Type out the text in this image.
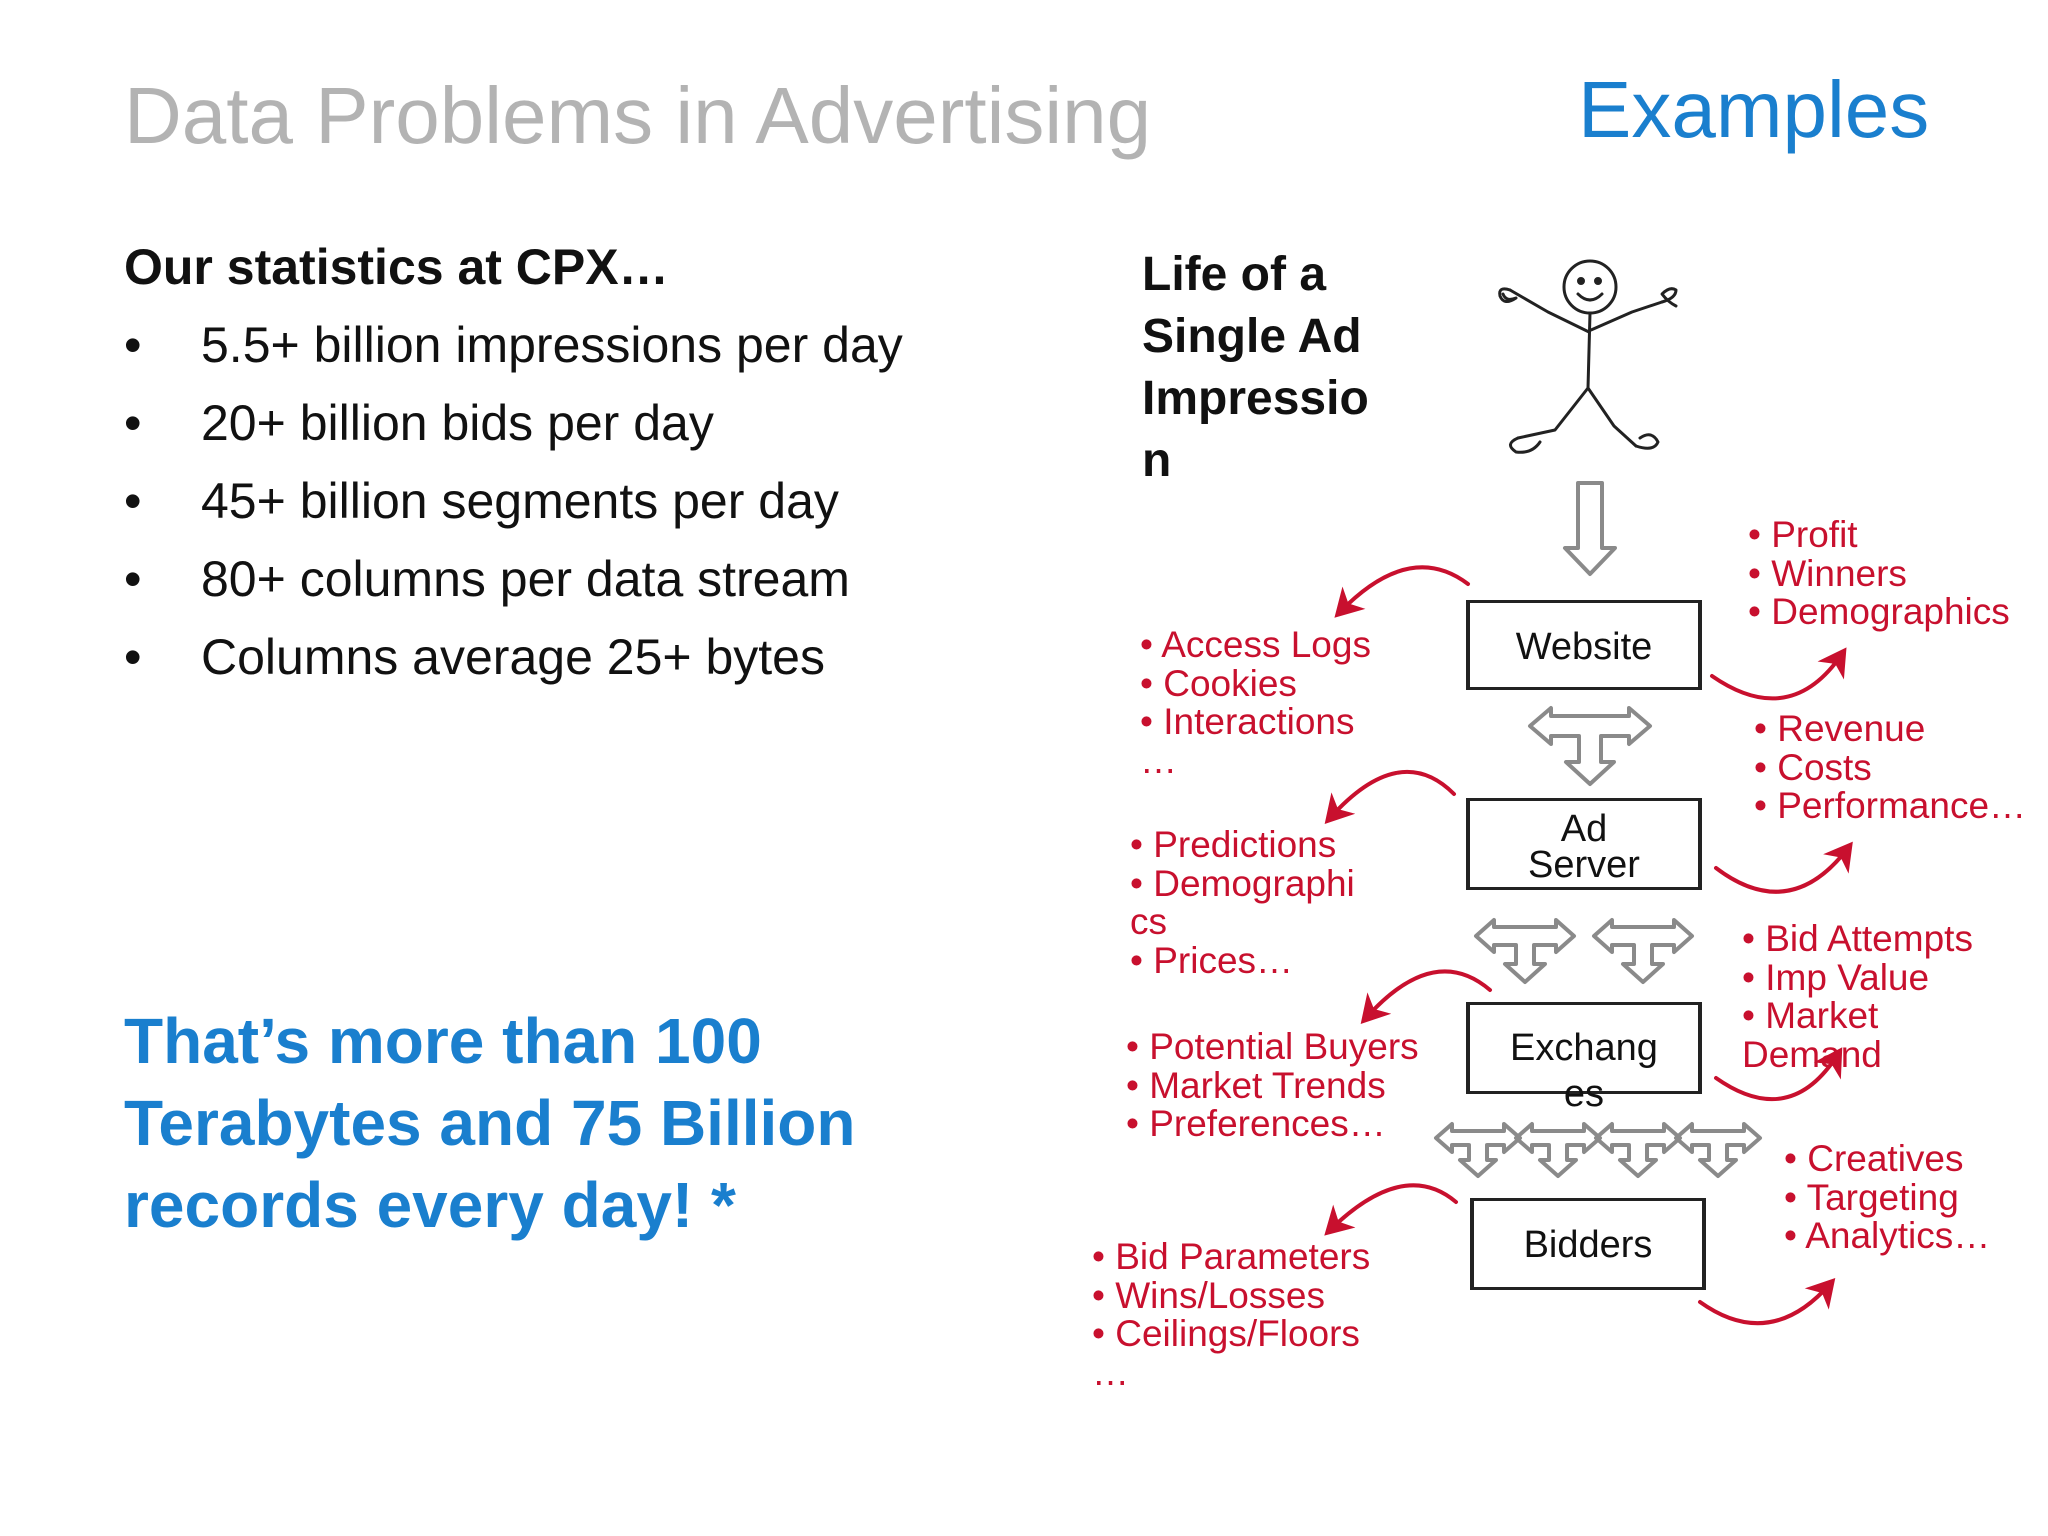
Data Problems in Advertising	Examples
Our statistics at CPX…
• 5.5+ billion impressions per day
• 20+ billion bids per day
• 45+ billion segments per day
• 80+ columns per data stream
• Columns average 25+ bytes
That’s more than 100 Terabytes and 75 Billion records every day! *
Life of a
Single Ad
Impressio
n
Website
Ad
Server
Exchang
es
Bidders
• Access Logs
• Cookies
• Interactions
…
• Predictions
• Demographi
cs
• Prices…
• Potential Buyers
• Market Trends
• Preferences…
• Bid Parameters
• Wins/Losses
• Ceilings/Floors
…
• Profit
• Winners
• Demographics
• Revenue
• Costs
• Performance…
• Bid Attempts
• Imp Value
• Market
Demand
• Creatives
• Targeting
• Analytics…
